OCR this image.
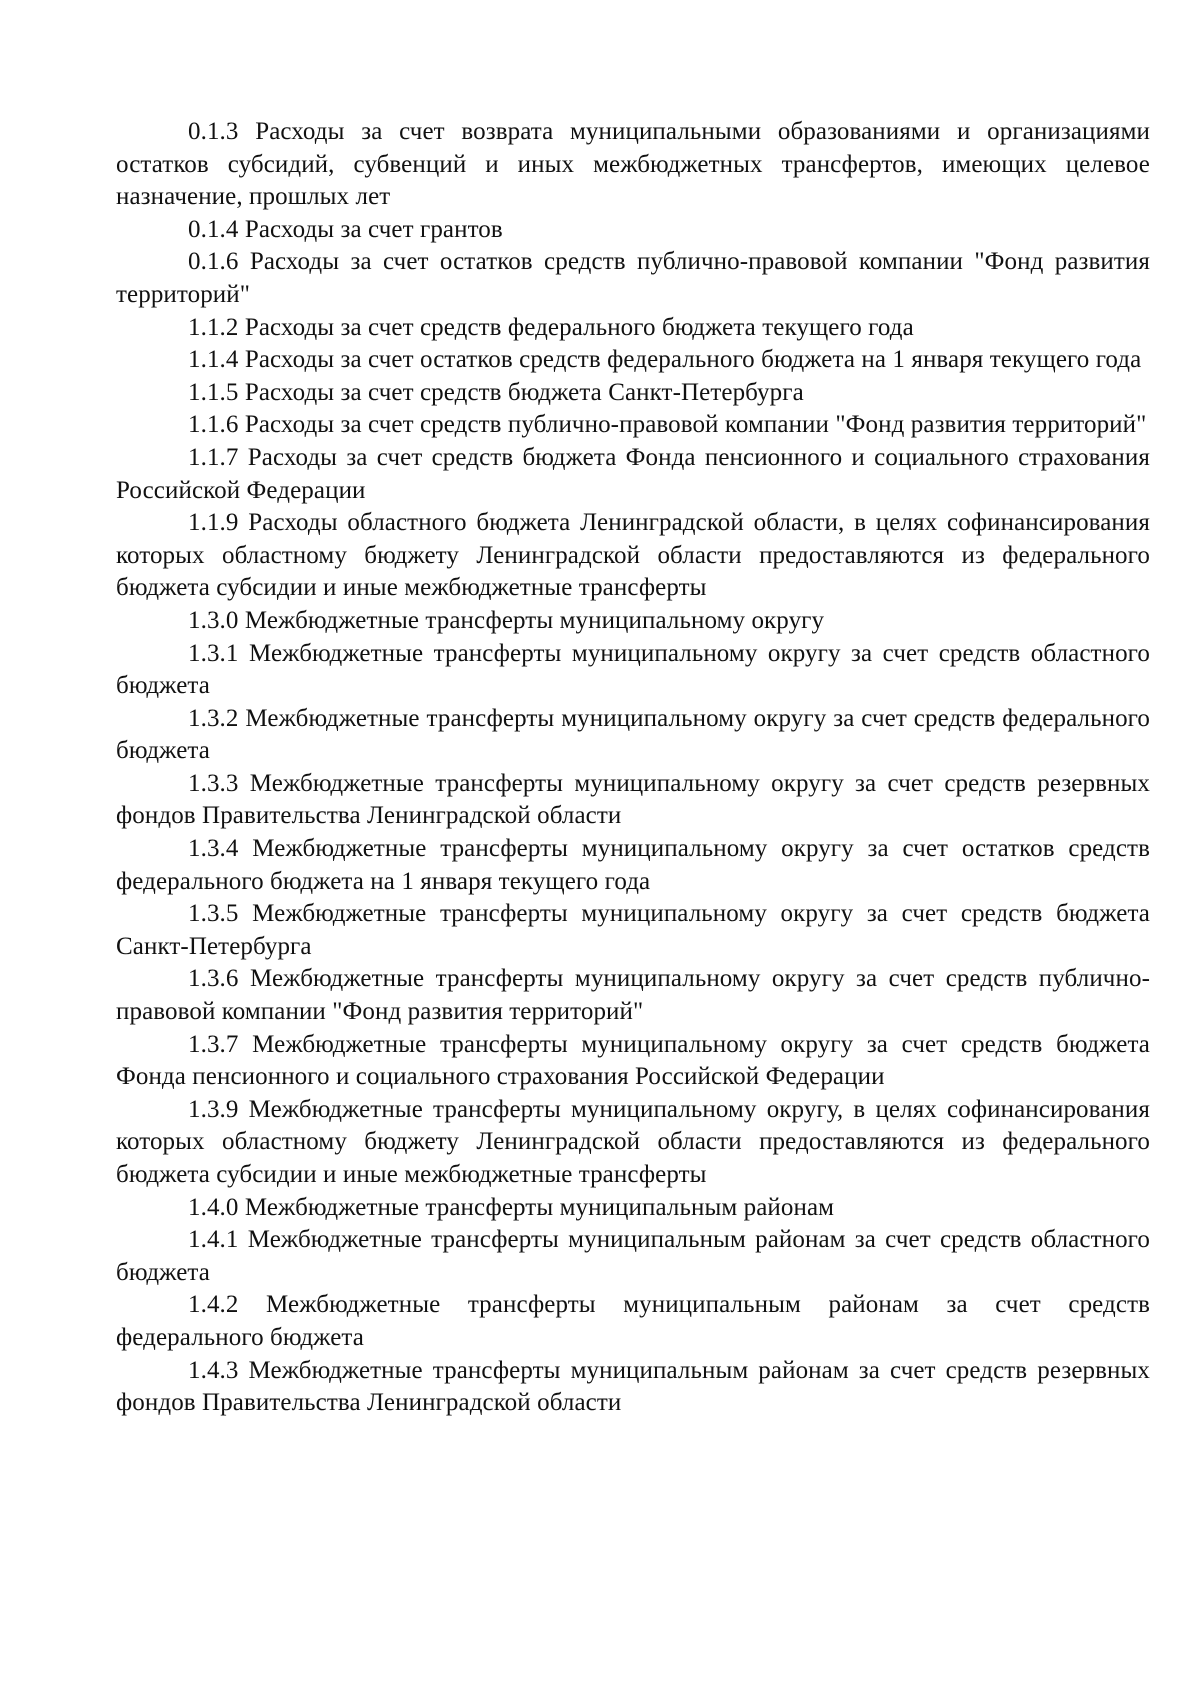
0.1.3 Расходы за счет возврата муниципальными образованиями и организациями остатков субсидий, субвенций и иных межбюджетных трансфертов, имеющих целевое назначение, прошлых лет

0.1.4 Расходы за счет грантов

0.1.6 Расходы за счет остатков средств публично-правовой компании "Фонд развития территорий"

1.1.2 Расходы за счет средств федерального бюджета текущего года

1.1.4 Расходы за счет остатков средств федерального бюджета на 1 января текущего года

1.1.5 Расходы за счет средств бюджета Санкт-Петербурга

1.1.6 Расходы за счет средств публично-правовой компании "Фонд развития территорий"

1.1.7 Расходы за счет средств бюджета Фонда пенсионного и социального страхования Российской Федерации

1.1.9 Расходы областного бюджета Ленинградской области, в целях софинансирования которых областному бюджету Ленинградской области предоставляются из федерального бюджета субсидии и иные межбюджетные трансферты

1.3.0 Межбюджетные трансферты муниципальному округу

1.3.1 Межбюджетные трансферты муниципальному округу за счет средств областного бюджета

1.3.2 Межбюджетные трансферты муниципальному округу за счет средств федерального бюджета

1.3.3 Межбюджетные трансферты муниципальному округу за счет средств резервных фондов Правительства Ленинградской области

1.3.4 Межбюджетные трансферты муниципальному округу за счет остатков средств федерального бюджета на 1 января текущего года

1.3.5 Межбюджетные трансферты муниципальному округу за счет средств бюджета Санкт-Петербурга

1.3.6 Межбюджетные трансферты муниципальному округу за счет средств публично-правовой компании "Фонд развития территорий"

1.3.7 Межбюджетные трансферты муниципальному округу за счет средств бюджета Фонда пенсионного и социального страхования Российской Федерации

1.3.9 Межбюджетные трансферты муниципальному округу, в целях софинансирования которых областному бюджету Ленинградской области предоставляются из федерального бюджета субсидии и иные межбюджетные трансферты

1.4.0 Межбюджетные трансферты муниципальным районам

1.4.1 Межбюджетные трансферты муниципальным районам за счет средств областного бюджета

1.4.2 Межбюджетные трансферты муниципальным районам за счет средств федерального бюджета

1.4.3 Межбюджетные трансферты муниципальным районам за счет средств резервных фондов Правительства Ленинградской области
